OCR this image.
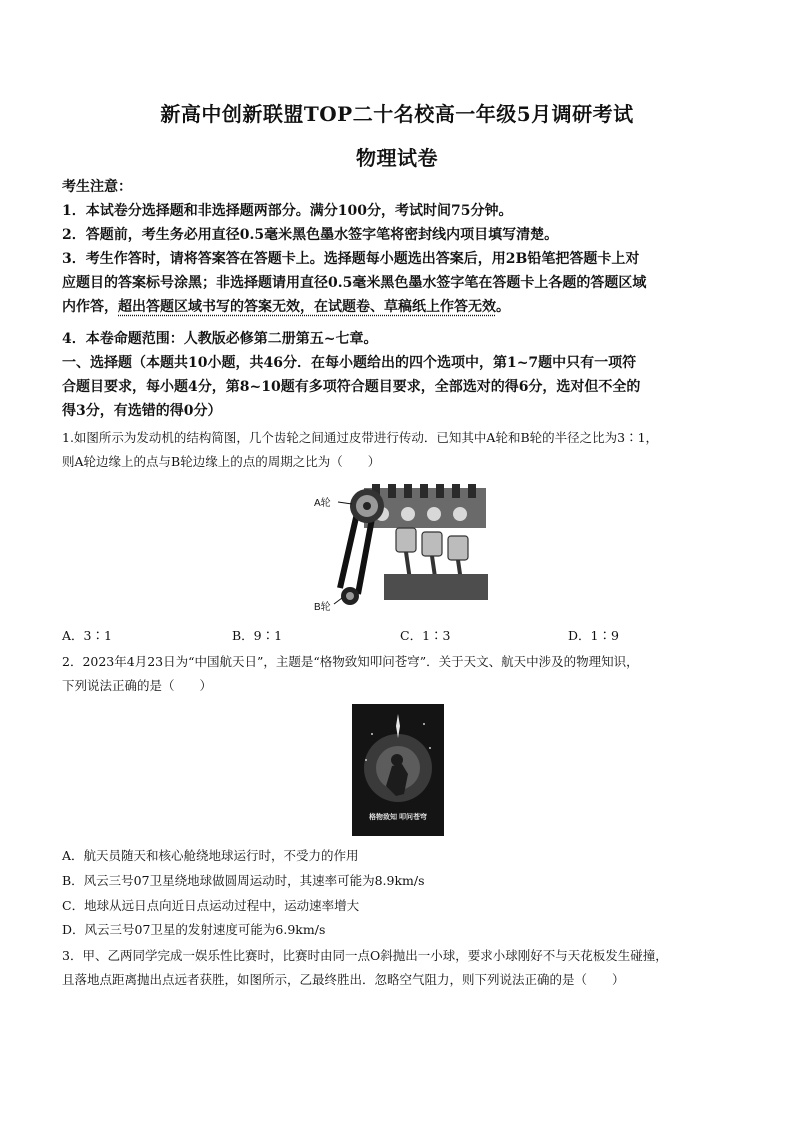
新高中创新联盟TOP二十名校高一年级5月调研考试
物理试卷
考生注意：
1．本试卷分选择题和非选择题两部分。满分100分，考试时间75分钟。
2．答题前，考生务必用直径0.5毫米黑色墨水签字笔将密封线内项目填写清楚。
3．考生作答时，请将答案答在答题卡上。选择题每小题选出答案后，用2B铅笔把答题卡上对
应题目的答案标号涂黑；非选择题请用直径0.5毫米黑色墨水签字笔在答题卡上各题的答题区域
内作答，超出答题区域书写的答案无效，在试题卷、草稿纸上作答无效。
4．本卷命题范围：人教版必修第二册第五~七章。
一、选择题（本题共10小题，共46分．在每小题给出的四个选项中，第1~7题中只有一项符
合题目要求，每小题4分，第8~10题有多项符合题目要求，全部选对的得6分，选对但不全的
得3分，有选错的得0分）
1.如图所示为发动机的结构简图，几个齿轮之间通过皮带进行传动．已知其中A轮和B轮的半径之比为3∶1，
则A轮边缘上的点与B轮边缘上的点的周期之比为（　　）
A轮
B轮
A．3∶1	B．9∶1	C．1∶3	D．1∶9
2．2023年4月23日为“中国航天日”，主题是“格物致知叩问苍穹”．关于天文、航天中涉及的物理知识，
下列说法正确的是（　　）
格物致知 叩问苍穹
A．航天员随天和核心舱绕地球运行时，不受力的作用
B．风云三号07卫星绕地球做圆周运动时，其速率可能为8.9km/s
C．地球从远日点向近日点运动过程中，运动速率增大
D．风云三号07卫星的发射速度可能为6.9km/s
3．甲、乙两同学完成一娱乐性比赛时，比赛时由同一点O斜抛出一小球，要求小球刚好不与天花板发生碰撞，
且落地点距离抛出点远者获胜，如图所示，乙最终胜出．忽略空气阻力，则下列说法正确的是（　　）
